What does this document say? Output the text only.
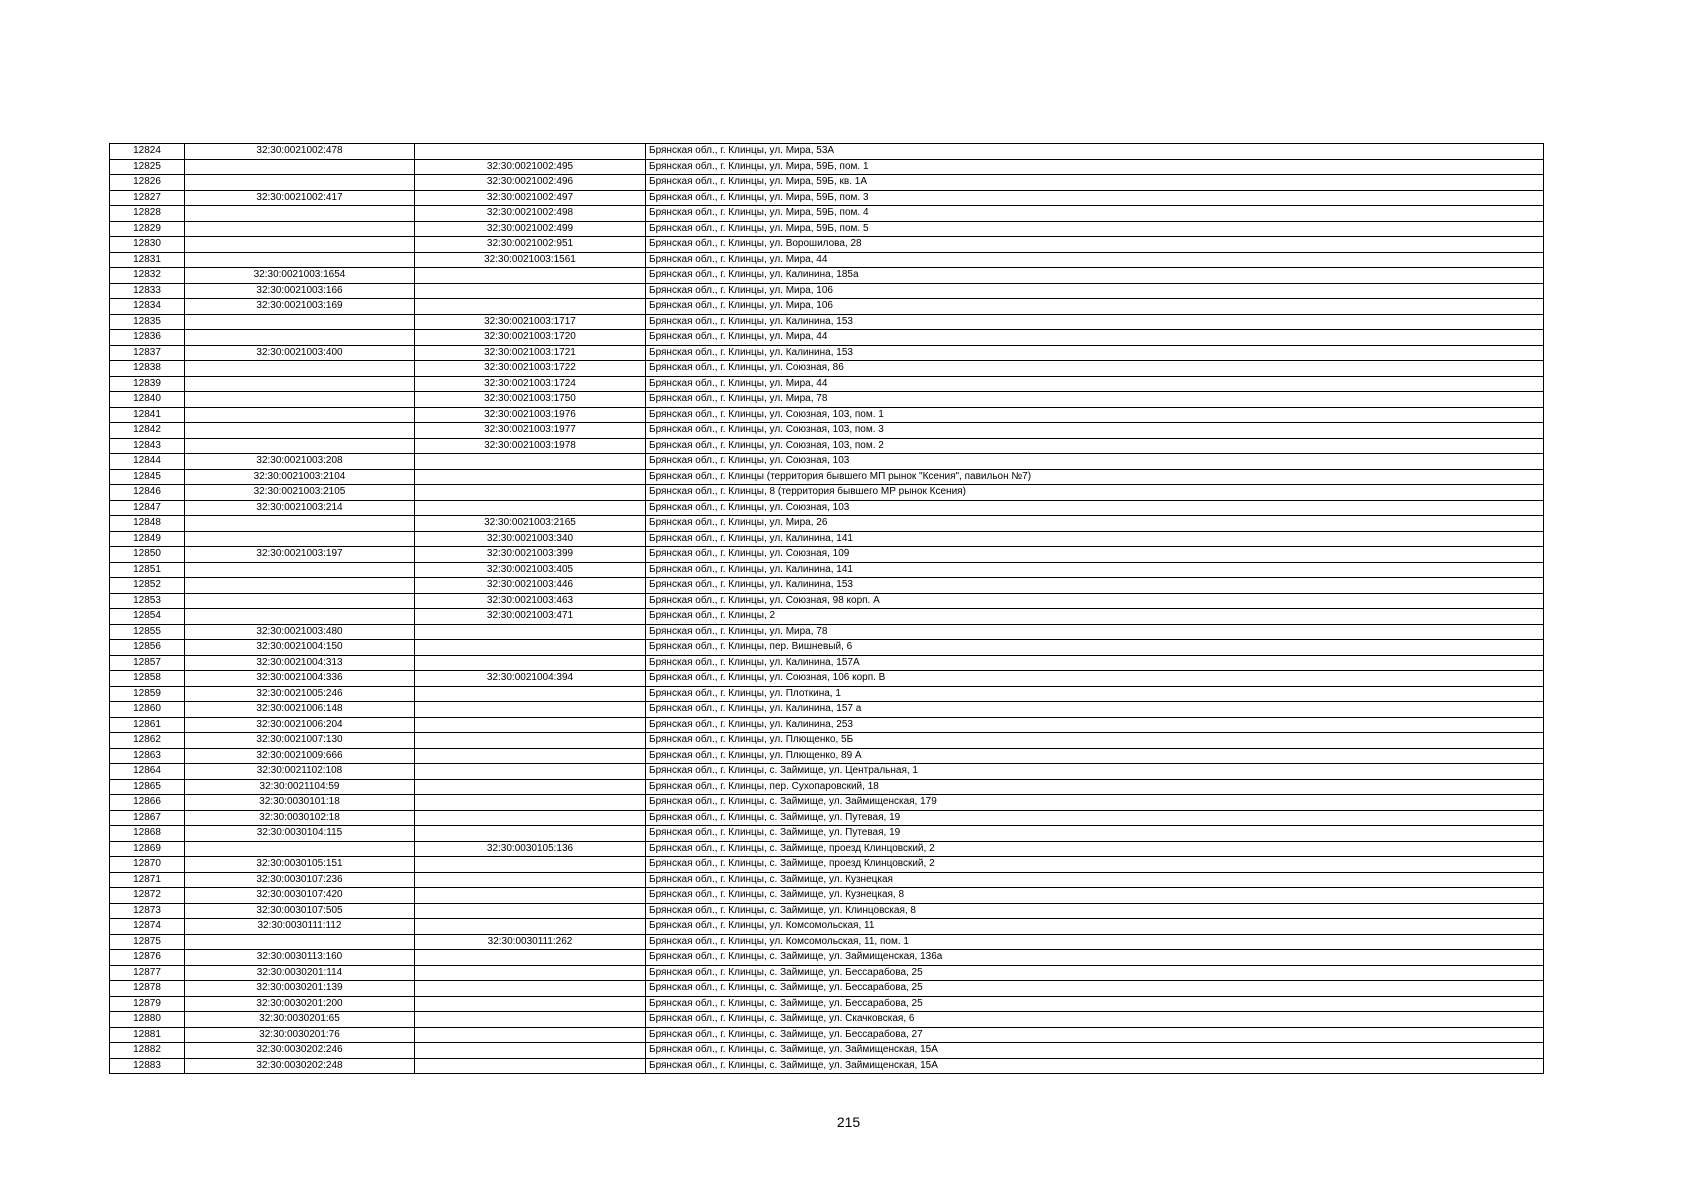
12824	32:30:0021002:478		Брянская обл., г. Клинцы, ул. Мира, 53А
12825		32:30:0021002:495	Брянская обл., г. Клинцы, ул. Мира, 59Б, пом. 1
12826		32:30:0021002:496	Брянская обл., г. Клинцы, ул. Мира, 59Б, кв. 1А
12827	32:30:0021002:417	32:30:0021002:497	Брянская обл., г. Клинцы, ул. Мира, 59Б, пом. 3
12828		32:30:0021002:498	Брянская обл., г. Клинцы, ул. Мира, 59Б, пом. 4
12829		32:30:0021002:499	Брянская обл., г. Клинцы, ул. Мира, 59Б, пом. 5
12830		32:30:0021002:951	Брянская обл., г. Клинцы, ул. Ворошилова, 28
12831		32:30:0021003:1561	Брянская обл., г. Клинцы, ул. Мира, 44
12832	32:30:0021003:1654		Брянская обл., г. Клинцы, ул. Калинина, 185а
12833	32:30:0021003:166		Брянская обл., г. Клинцы, ул. Мира, 106
12834	32:30:0021003:169		Брянская обл., г. Клинцы, ул. Мира, 106
12835		32:30:0021003:1717	Брянская обл., г. Клинцы, ул. Калинина, 153
12836		32:30:0021003:1720	Брянская обл., г. Клинцы, ул. Мира, 44
12837	32:30:0021003:400	32:30:0021003:1721	Брянская обл., г. Клинцы, ул. Калинина, 153
12838		32:30:0021003:1722	Брянская обл., г. Клинцы, ул. Союзная, 86
12839		32:30:0021003:1724	Брянская обл., г. Клинцы, ул. Мира, 44
12840		32:30:0021003:1750	Брянская обл., г. Клинцы, ул. Мира, 78
12841		32:30:0021003:1976	Брянская обл., г. Клинцы, ул. Союзная, 103, пом. 1
12842		32:30:0021003:1977	Брянская обл., г. Клинцы, ул. Союзная, 103, пом. 3
12843		32:30:0021003:1978	Брянская обл., г. Клинцы, ул. Союзная, 103, пом. 2
12844	32:30:0021003:208		Брянская обл., г. Клинцы, ул. Союзная, 103
12845	32:30:0021003:2104		Брянская обл., г. Клинцы (территория бывшего МП рынок "Ксения", павильон №7)
12846	32:30:0021003:2105		Брянская обл., г. Клинцы, 8 (территория бывшего МР рынок Ксения)
12847	32:30:0021003:214		Брянская обл., г. Клинцы, ул. Союзная, 103
12848		32:30:0021003:2165	Брянская обл., г. Клинцы, ул. Мира, 26
12849		32:30:0021003:340	Брянская обл., г. Клинцы, ул. Калинина, 141
12850	32:30:0021003:197	32:30:0021003:399	Брянская обл., г. Клинцы, ул. Союзная, 109
12851		32:30:0021003:405	Брянская обл., г. Клинцы, ул. Калинина, 141
12852		32:30:0021003:446	Брянская обл., г. Клинцы, ул. Калинина, 153
12853		32:30:0021003:463	Брянская обл., г. Клинцы, ул. Союзная, 98 корп. А
12854		32:30:0021003:471	Брянская обл., г. Клинцы, 2
12855	32:30:0021003:480		Брянская обл., г. Клинцы, ул. Мира, 78
12856	32:30:0021004:150		Брянская обл., г. Клинцы, пер. Вишневый, 6
12857	32:30:0021004:313		Брянская обл., г. Клинцы, ул. Калинина, 157А
12858	32:30:0021004:336	32:30:0021004:394	Брянская обл., г. Клинцы, ул. Союзная, 106 корп. В
12859	32:30:0021005:246		Брянская обл., г. Клинцы, ул. Плоткина, 1
12860	32:30:0021006:148		Брянская обл., г. Клинцы, ул. Калинина, 157 а
12861	32:30:0021006:204		Брянская обл., г. Клинцы, ул. Калинина, 253
12862	32:30:0021007:130		Брянская обл., г. Клинцы, ул. Плющенко, 5Б
12863	32:30:0021009:666		Брянская обл., г. Клинцы, ул. Плющенко, 89 А
12864	32:30:0021102:108		Брянская обл., г. Клинцы, с. Займище, ул. Центральная, 1
12865	32:30:0021104:59		Брянская обл., г. Клинцы, пер. Сухопаровский, 18
12866	32:30:0030101:18		Брянская обл., г. Клинцы, с. Займище, ул. Займищенская, 179
12867	32:30:0030102:18		Брянская обл., г. Клинцы, с. Займище, ул. Путевая, 19
12868	32:30:0030104:115		Брянская обл., г. Клинцы, с. Займище, ул. Путевая, 19
12869		32:30:0030105:136	Брянская обл., г. Клинцы, с. Займище, проезд Клинцовский, 2
12870	32:30:0030105:151		Брянская обл., г. Клинцы, с. Займище, проезд Клинцовский, 2
12871	32:30:0030107:236		Брянская обл., г. Клинцы, с. Займище, ул. Кузнецкая
12872	32:30:0030107:420		Брянская обл., г. Клинцы, с. Займище, ул. Кузнецкая, 8
12873	32:30:0030107:505		Брянская обл., г. Клинцы, с. Займище, ул. Клинцовская, 8
12874	32:30:0030111:112		Брянская обл., г. Клинцы, ул. Комсомольская, 11
12875		32:30:0030111:262	Брянская обл., г. Клинцы, ул. Комсомольская, 11, пом. 1
12876	32:30:0030113:160		Брянская обл., г. Клинцы, с. Займище, ул. Займищенская, 136а
12877	32:30:0030201:114		Брянская обл., г. Клинцы, с. Займище, ул. Бессарабова, 25
12878	32:30:0030201:139		Брянская обл., г. Клинцы, с. Займище, ул. Бессарабова, 25
12879	32:30:0030201:200		Брянская обл., г. Клинцы, с. Займище, ул. Бессарабова, 25
12880	32:30:0030201:65		Брянская обл., г. Клинцы, с. Займище, ул. Скачковская, 6
12881	32:30:0030201:76		Брянская обл., г. Клинцы, с. Займище, ул. Бессарабова, 27
12882	32:30:0030202:246		Брянская обл., г. Клинцы, с. Займище, ул. Займищенская, 15А
12883	32:30:0030202:248		Брянская обл., г. Клинцы, с. Займище, ул. Займищенская, 15А
215
